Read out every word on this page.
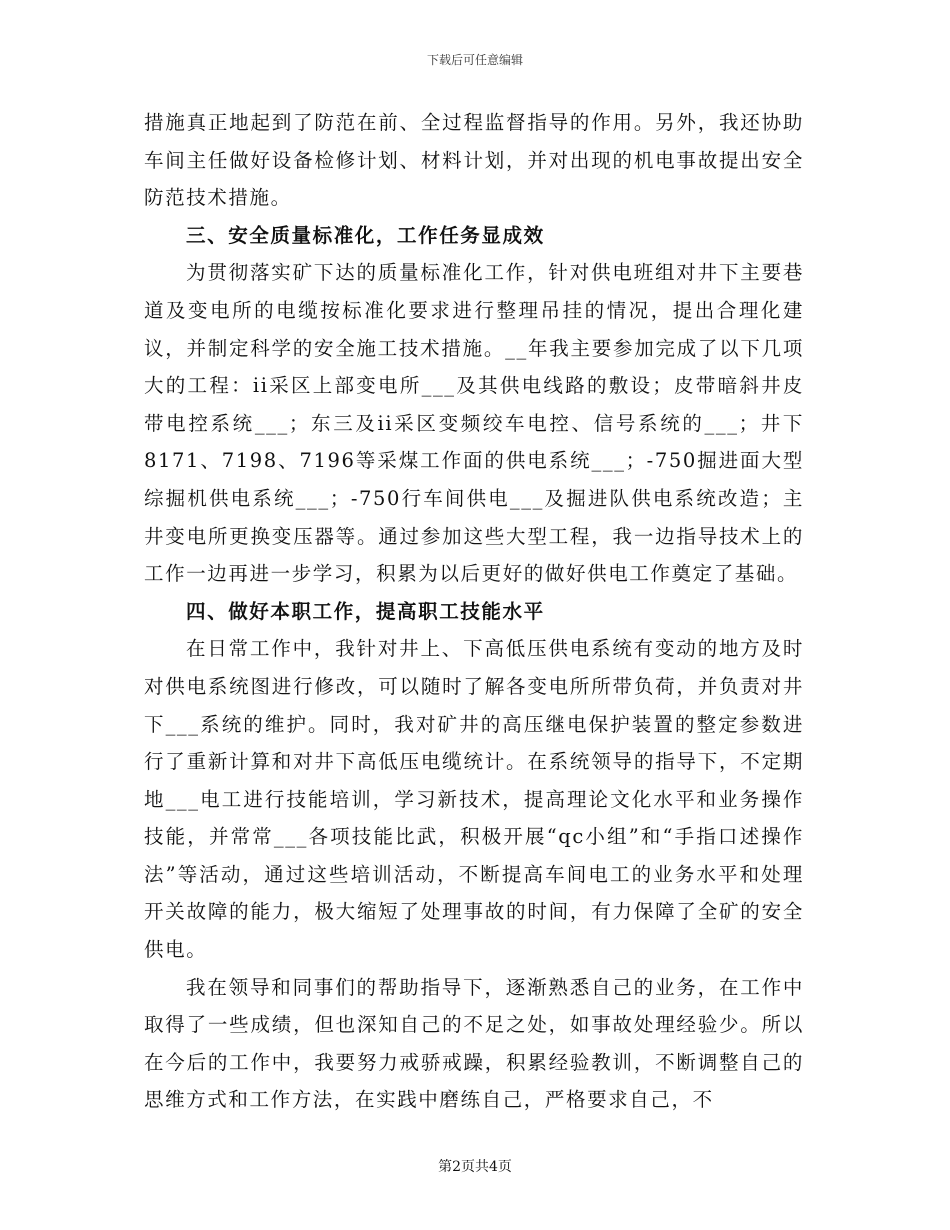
下载后可任意编辑

措施真正地起到了防范在前、全过程监督指导的作用。另外，我还协助车间主任做好设备检修计划、材料计划，并对出现的机电事故提出安全防范技术措施。

三、安全质量标准化，工作任务显成效

为贯彻落实矿下达的质量标准化工作，针对供电班组对井下主要巷道及变电所的电缆按标准化要求进行整理吊挂的情况，提出合理化建议，并制定科学的安全施工技术措施。__年我主要参加完成了以下几项大的工程：ii采区上部变电所___及其供电线路的敷设；皮带暗斜井皮带电控系统___；东三及ii采区变频绞车电控、信号系统的___；井下8171、7198、7196等采煤工作面的供电系统___；-750掘进面大型综掘机供电系统___；-750行车间供电___及掘进队供电系统改造；主井变电所更换变压器等。通过参加这些大型工程，我一边指导技术上的工作一边再进一步学习，积累为以后更好的做好供电工作奠定了基础。

四、做好本职工作，提高职工技能水平

在日常工作中，我针对井上、下高低压供电系统有变动的地方及时对供电系统图进行修改，可以随时了解各变电所所带负荷，并负责对井下___系统的维护。同时，我对矿井的高压继电保护装置的整定参数进行了重新计算和对井下高低压电缆统计。在系统领导的指导下，不定期地___电工进行技能培训，学习新技术，提高理论文化水平和业务操作技能，并常常___各项技能比武，积极开展“qc小组”和“手指口述操作法”等活动，通过这些培训活动，不断提高车间电工的业务水平和处理开关故障的能力，极大缩短了处理事故的时间，有力保障了全矿的安全供电。

我在领导和同事们的帮助指导下，逐渐熟悉自己的业务，在工作中取得了一些成绩，但也深知自己的不足之处，如事故处理经验少。所以在今后的工作中，我要努力戒骄戒躁，积累经验教训，不断调整自己的思维方式和工作方法，在实践中磨练自己，严格要求自己，不

第2页共4页
